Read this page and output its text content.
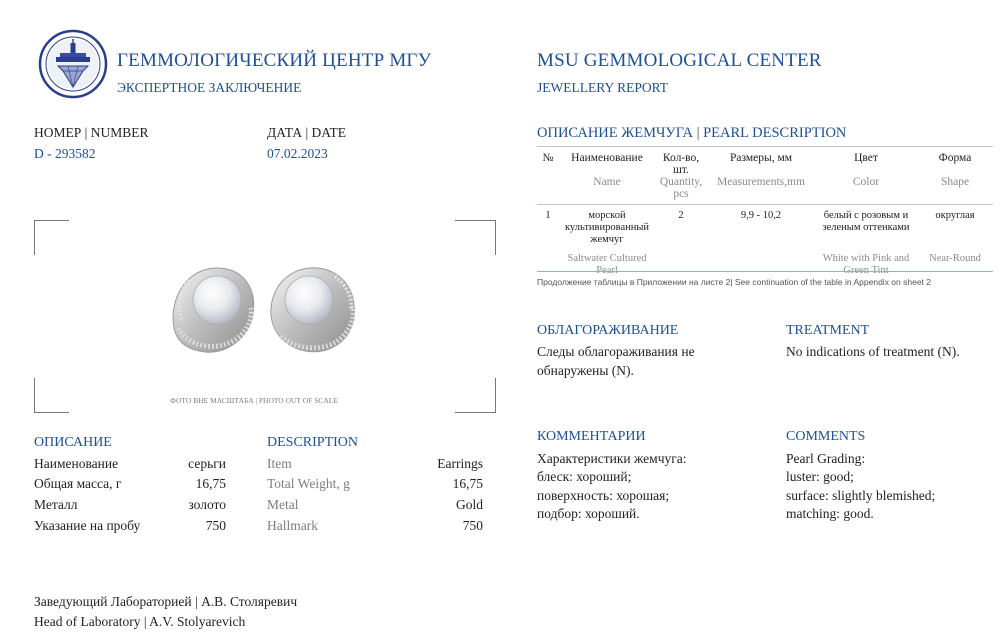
ГЕММОЛОГИЧЕСКИЙ ЦЕНТР МГУ
ЭКСПЕРТНОЕ ЗАКЛЮЧЕНИЕ
MSU GEMMOLOGICAL CENTER
JEWELLERY REPORT
НОМЕР | NUMBER
D - 293582
ДАТА | DATE
07.02.2023
ФОТО ВНЕ МАСШТАБА | PHOTO OUT OF SCALE
ОПИСАНИЕ
Наименование	серьги
Общая масса, г	16,75
Металл	золото
Указание на пробу	750
DESCRIPTION
Item	Earrings
Total Weight, g	16,75
Metal	Gold
Hallmark	750
Заведующий Лабораторией | А.В. Столяревич
Head of Laboratory | A.V. Stolyarevich
ОПИСАНИЕ ЖЕМЧУГА | PEARL DESCRIPTION
№	Наименование	Кол-во, шт.	Размеры, мм	Цвет	Форма
	Name	Quantity, pcs	Measurements,mm	Color	Shape
1	морской культивированный жемчуг	2	9,9 - 10,2	белый с розовым и зеленым оттенками	округлая
	Saltwater Cultured			White with Pink and	Near-Round
Продолжение таблицы в Приложении на листе 2| See continuation of the table in Appendix on sheet 2
ОБЛАГОРАЖИВАНИЕ
Следы облагораживания не
обнаружены (N).
TREATMENT
No indications of treatment (N).
КОММЕНТАРИИ
Характеристики жемчуга:
блеск: хороший;
поверхность: хорошая;
подбор: хороший.
COMMENTS
Pearl Grading:
luster: good;
surface: slightly blemished;
matching: good.
